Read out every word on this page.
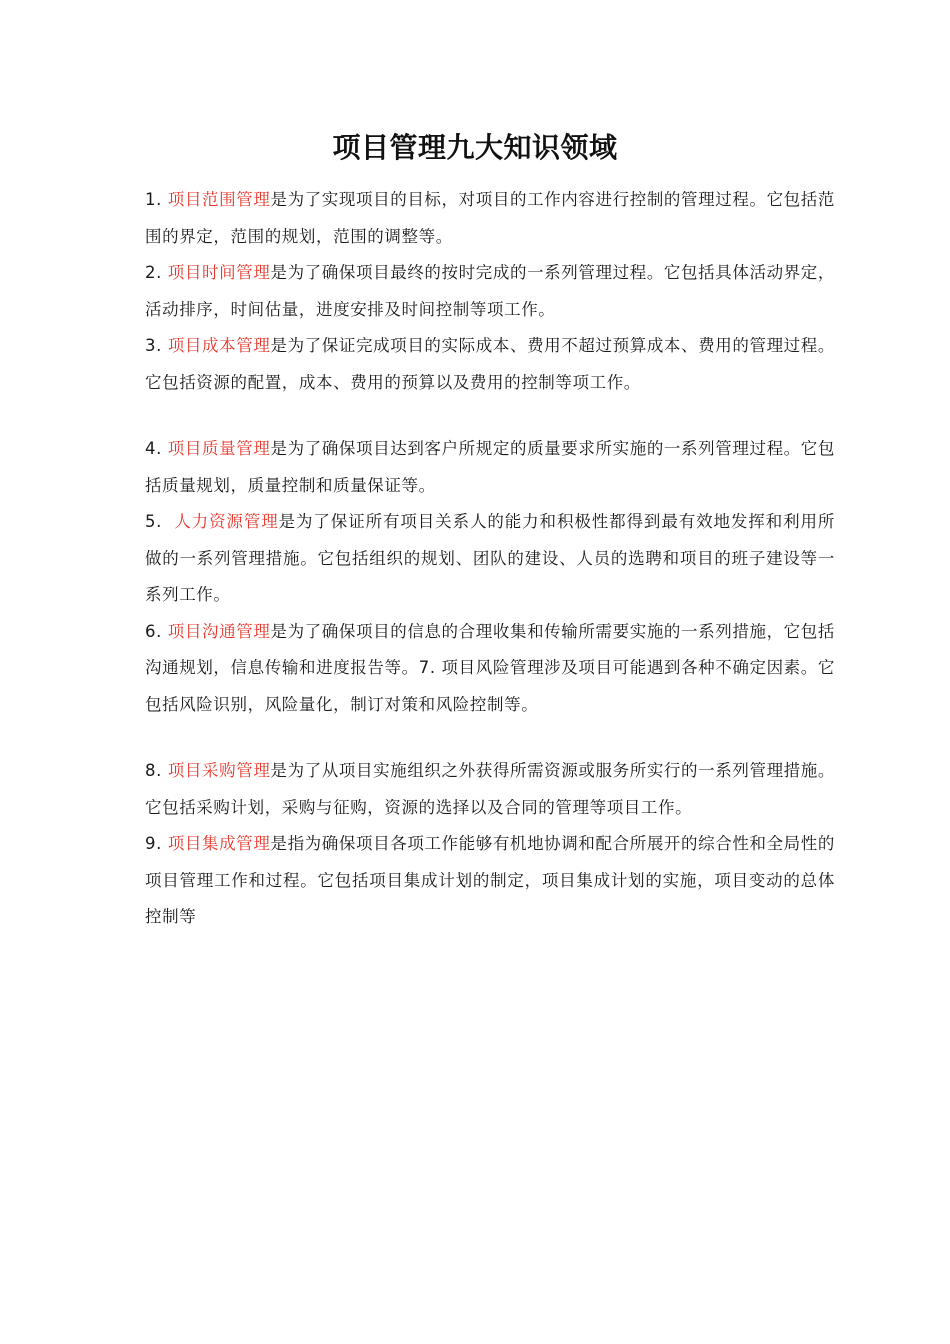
项目管理九大知识领域

1. 项目范围管理是为了实现项目的目标，对项目的工作内容进行控制的管理过程。它包括范围的界定，范围的规划，范围的调整等。

2. 项目时间管理是为了确保项目最终的按时完成的一系列管理过程。它包括具体活动界定，活动排序，时间估量，进度安排及时间控制等项工作。

3. 项目成本管理是为了保证完成项目的实际成本、费用不超过预算成本、费用的管理过程。它包括资源的配置，成本、费用的预算以及费用的控制等项工作。

4. 项目质量管理是为了确保项目达到客户所规定的质量要求所实施的一系列管理过程。它包括质量规划，质量控制和质量保证等。

5. 人力资源管理是为了保证所有项目关系人的能力和积极性都得到最有效地发挥和利用所做的一系列管理措施。它包括组织的规划、团队的建设、人员的选聘和项目的班子建设等一系列工作。

6. 项目沟通管理是为了确保项目的信息的合理收集和传输所需要实施的一系列措施，它包括沟通规划，信息传输和进度报告等。7. 项目风险管理涉及项目可能遇到各种不确定因素。它包括风险识别，风险量化，制订对策和风险控制等。

8. 项目采购管理是为了从项目实施组织之外获得所需资源或服务所实行的一系列管理措施。它包括采购计划，采购与征购，资源的选择以及合同的管理等项目工作。

9. 项目集成管理是指为确保项目各项工作能够有机地协调和配合所展开的综合性和全局性的项目管理工作和过程。它包括项目集成计划的制定，项目集成计划的实施，项目变动的总体控制等
